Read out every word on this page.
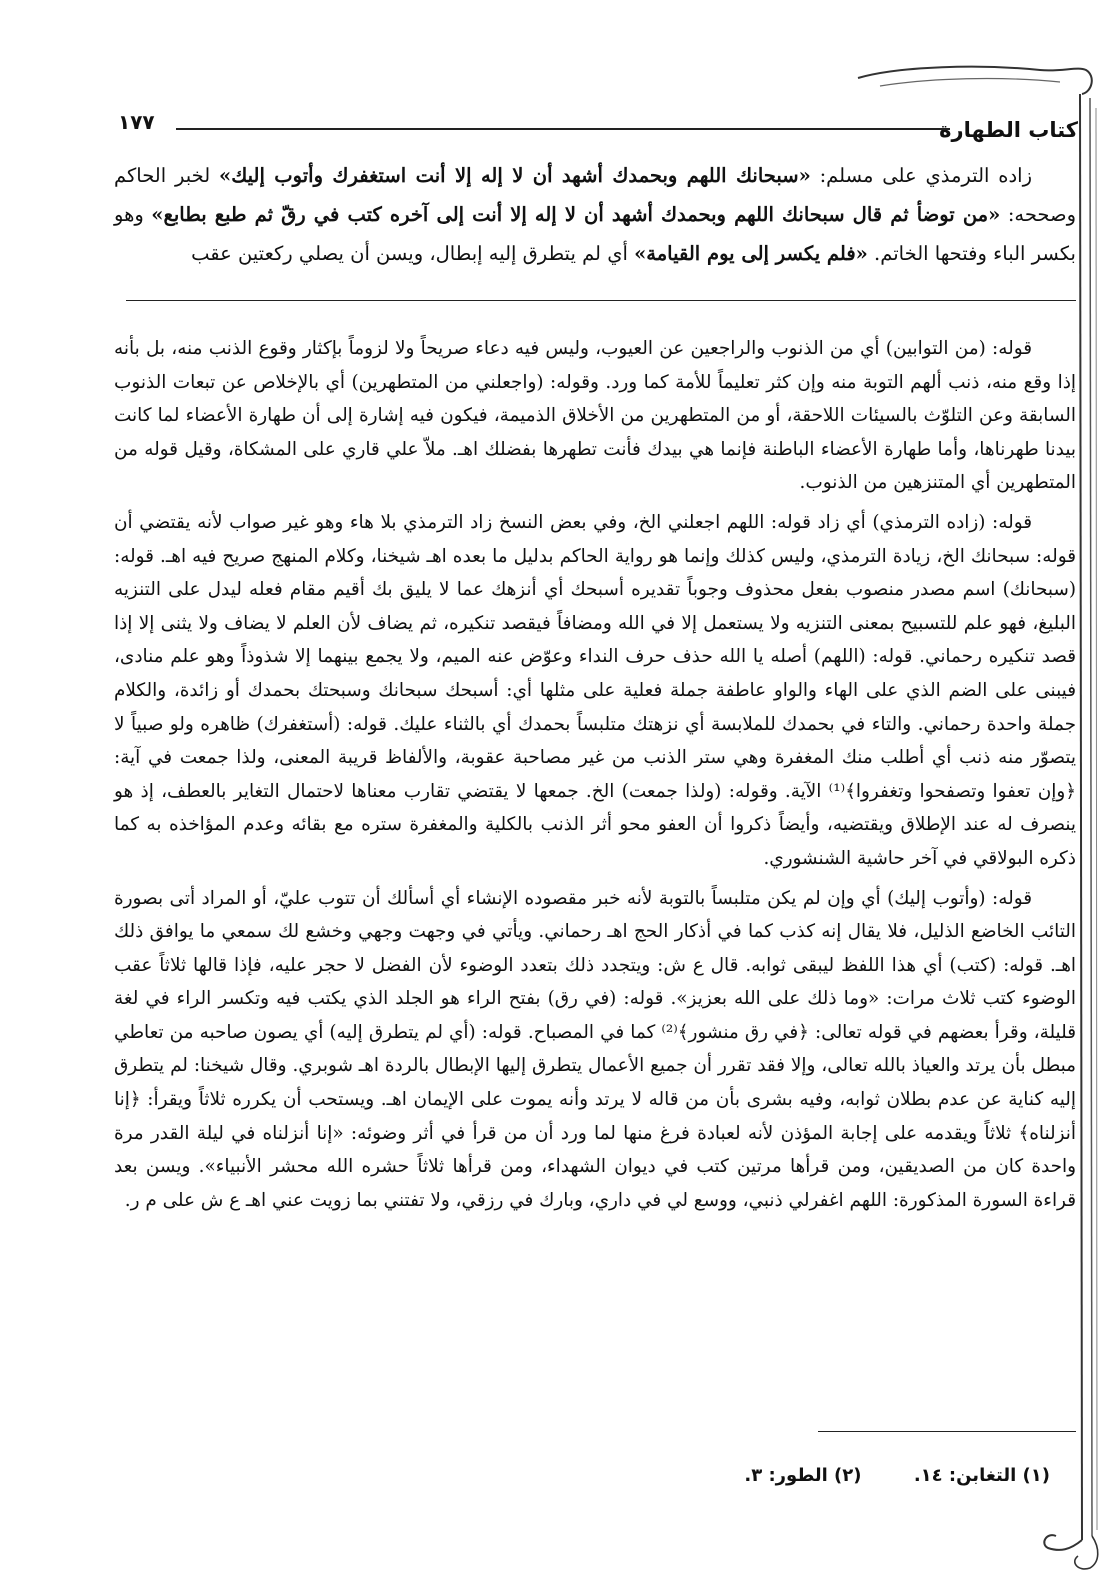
كتاب الطهارة
١٧٧

زاده الترمذي على مسلم: «سبحانك اللهم وبحمدك أشهد أن لا إله إلا أنت استغفرك وأتوب إليك» لخبر الحاكم وصححه: «من توضأ ثم قال سبحانك اللهم وبحمدك أشهد أن لا إله إلا أنت إلى آخره كتب في رقّ ثم طبع بطابع» وهو بكسر الباء وفتحها الخاتم. «فلم يكسر إلى يوم القيامة» أي لم يتطرق إليه إبطال، ويسن أن يصلي ركعتين عقب

قوله: (من التوابين) أي من الذنوب والراجعين عن العيوب، وليس فيه دعاء صريحاً ولا لزوماً بإكثار وقوع الذنب منه، بل بأنه إذا وقع منه، ذنب ألهم التوبة منه وإن كثر تعليماً للأمة كما ورد. وقوله: (واجعلني من المتطهرين) أي بالإخلاص عن تبعات الذنوب السابقة وعن التلوّث بالسيئات اللاحقة، أو من المتطهرين من الأخلاق الذميمة، فيكون فيه إشارة إلى أن طهارة الأعضاء لما كانت بيدنا طهرناها، وأما طهارة الأعضاء الباطنة فإنما هي بيدك فأنت تطهرها بفضلك اهـ. ملاّ علي قاري على المشكاة، وقيل قوله من المتطهرين أي المتنزهين من الذنوب.

قوله: (زاده الترمذي) أي زاد قوله: اللهم اجعلني الخ، وفي بعض النسخ زاد الترمذي بلا هاء وهو غير صواب لأنه يقتضي أن قوله: سبحانك الخ، زيادة الترمذي، وليس كذلك وإنما هو رواية الحاكم بدليل ما بعده اهـ شيخنا، وكلام المنهج صريح فيه اهـ. قوله: (سبحانك) اسم مصدر منصوب بفعل محذوف وجوباً تقديره أسبحك أي أنزهك عما لا يليق بك أقيم مقام فعله ليدل على التنزيه البليغ، فهو علم للتسبيح بمعنى التنزيه ولا يستعمل إلا في الله ومضافاً فيقصد تنكيره، ثم يضاف لأن العلم لا يضاف ولا يثنى إلا إذا قصد تنكيره رحماني. قوله: (اللهم) أصله يا الله حذف حرف النداء وعوّض عنه الميم، ولا يجمع بينهما إلا شذوذاً وهو علم منادى، فيبنى على الضم الذي على الهاء والواو عاطفة جملة فعلية على مثلها أي: أسبحك سبحانك وسبحتك بحمدك أو زائدة، والكلام جملة واحدة رحماني. والتاء في بحمدك للملابسة أي نزهتك متلبساً بحمدك أي بالثناء عليك. قوله: (أستغفرك) ظاهره ولو صبياً لا يتصوّر منه ذنب أي أطلب منك المغفرة وهي ستر الذنب من غير مصاحبة عقوبة، والألفاظ قريبة المعنى، ولذا جمعت في آية: ﴿وإن تعفوا وتصفحوا وتغفروا﴾⁽¹⁾ الآية. وقوله: (ولذا جمعت) الخ. جمعها لا يقتضي تقارب معناها لاحتمال التغاير بالعطف، إذ هو ينصرف له عند الإطلاق ويقتضيه، وأيضاً ذكروا أن العفو محو أثر الذنب بالكلية والمغفرة ستره مع بقائه وعدم المؤاخذه به كما ذكره البولاقي في آخر حاشية الشنشوري.

قوله: (وأتوب إليك) أي وإن لم يكن متلبساً بالتوبة لأنه خبر مقصوده الإنشاء أي أسألك أن تتوب عليّ، أو المراد أتى بصورة التائب الخاضع الذليل، فلا يقال إنه كذب كما في أذكار الحج اهـ رحماني. ويأتي في وجهت وجهي وخشع لك سمعي ما يوافق ذلك اهـ. قوله: (كتب) أي هذا اللفظ ليبقى ثوابه. قال ع ش: ويتجدد ذلك بتعدد الوضوء لأن الفضل لا حجر عليه، فإذا قالها ثلاثاً عقب الوضوء كتب ثلاث مرات: «وما ذلك على الله بعزيز». قوله: (في رق) بفتح الراء هو الجلد الذي يكتب فيه وتكسر الراء في لغة قليلة، وقرأ بعضهم في قوله تعالى: ﴿في رق منشور﴾⁽²⁾ كما في المصباح. قوله: (أي لم يتطرق إليه) أي يصون صاحبه من تعاطي مبطل بأن يرتد والعياذ بالله تعالى، وإلا فقد تقرر أن جميع الأعمال يتطرق إليها الإبطال بالردة اهـ شوبري. وقال شيخنا: لم يتطرق إليه كناية عن عدم بطلان ثوابه، وفيه بشرى بأن من قاله لا يرتد وأنه يموت على الإيمان اهـ. ويستحب أن يكرره ثلاثاً ويقرأ: ﴿إنا أنزلناه﴾ ثلاثاً ويقدمه على إجابة المؤذن لأنه لعبادة فرغ منها لما ورد أن من قرأ في أثر وضوئه: «إنا أنزلناه في ليلة القدر مرة واحدة كان من الصديقين، ومن قرأها مرتين كتب في ديوان الشهداء، ومن قرأها ثلاثاً حشره الله محشر الأنبياء». ويسن بعد قراءة السورة المذكورة: اللهم اغفرلي ذنبي، ووسع لي في داري، وبارك في رزقي، ولا تفتني بما زويت عني اهـ ع ش على م ر.

(١) التغابن: ١٤. (٢) الطور: ٣.
